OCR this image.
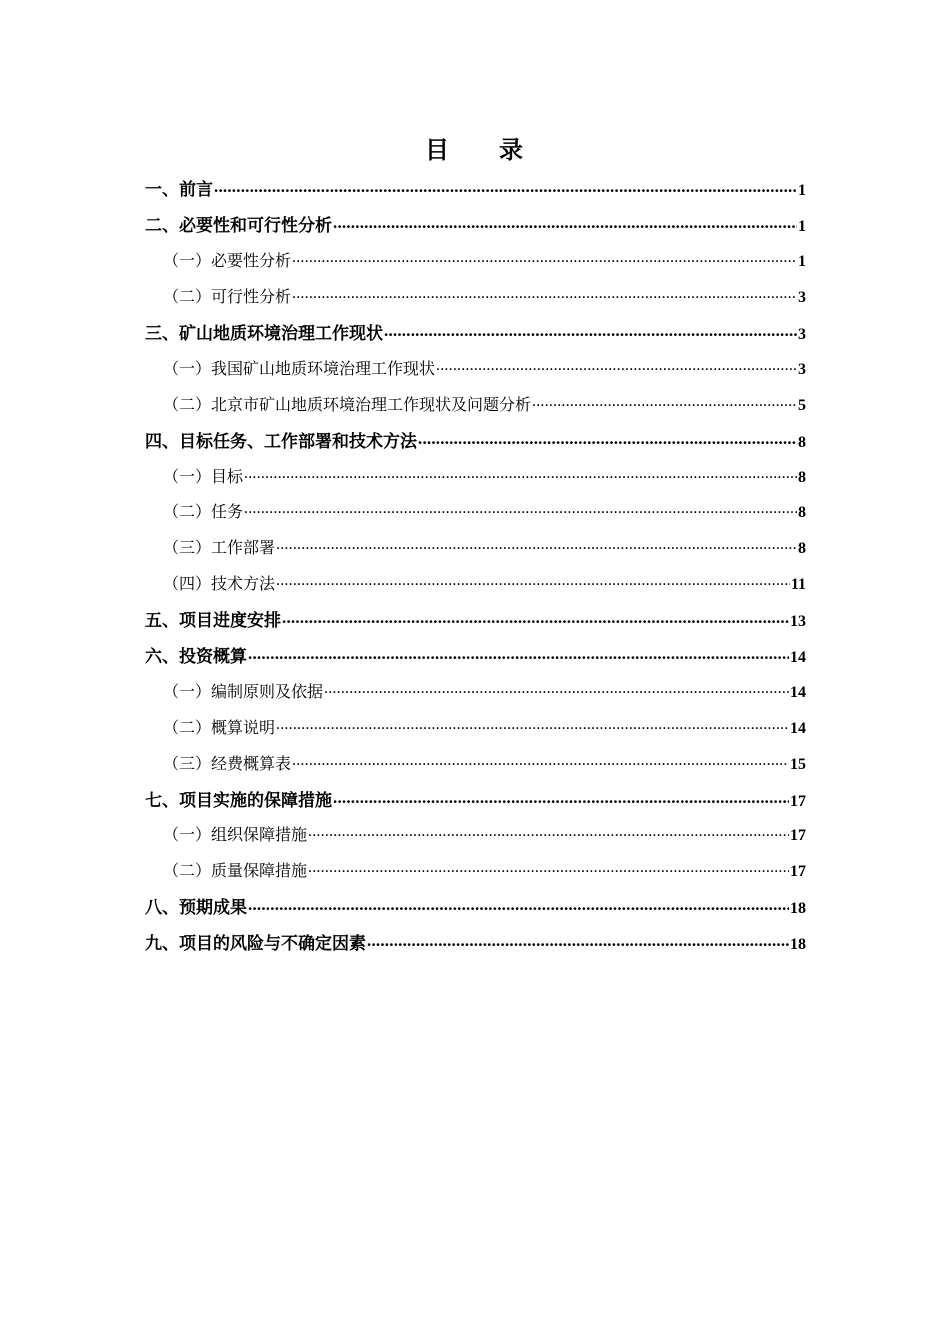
目 录
一、前言 .....	1
二、必要性和可行性分析 .....	1
（一）必要性分析 .....	1
（二）可行性分析 .....	3
三、矿山地质环境治理工作现状 .....	3
（一）我国矿山地质环境治理工作现状 .....	3
（二）北京市矿山地质环境治理工作现状及问题分析 .....	5
四、目标任务、工作部署和技术方法 .....	8
（一）目标 .....	8
（二）任务 .....	8
（三）工作部署 .....	8
（四）技术方法 .....	11
五、项目进度安排 .....	13
六、投资概算 .....	14
（一）编制原则及依据 .....	14
（二）概算说明 .....	14
（三）经费概算表 .....	15
七、项目实施的保障措施 .....	17
（一）组织保障措施 .....	17
（二）质量保障措施 .....	17
八、预期成果 .....	18
九、项目的风险与不确定因素 .....	18
